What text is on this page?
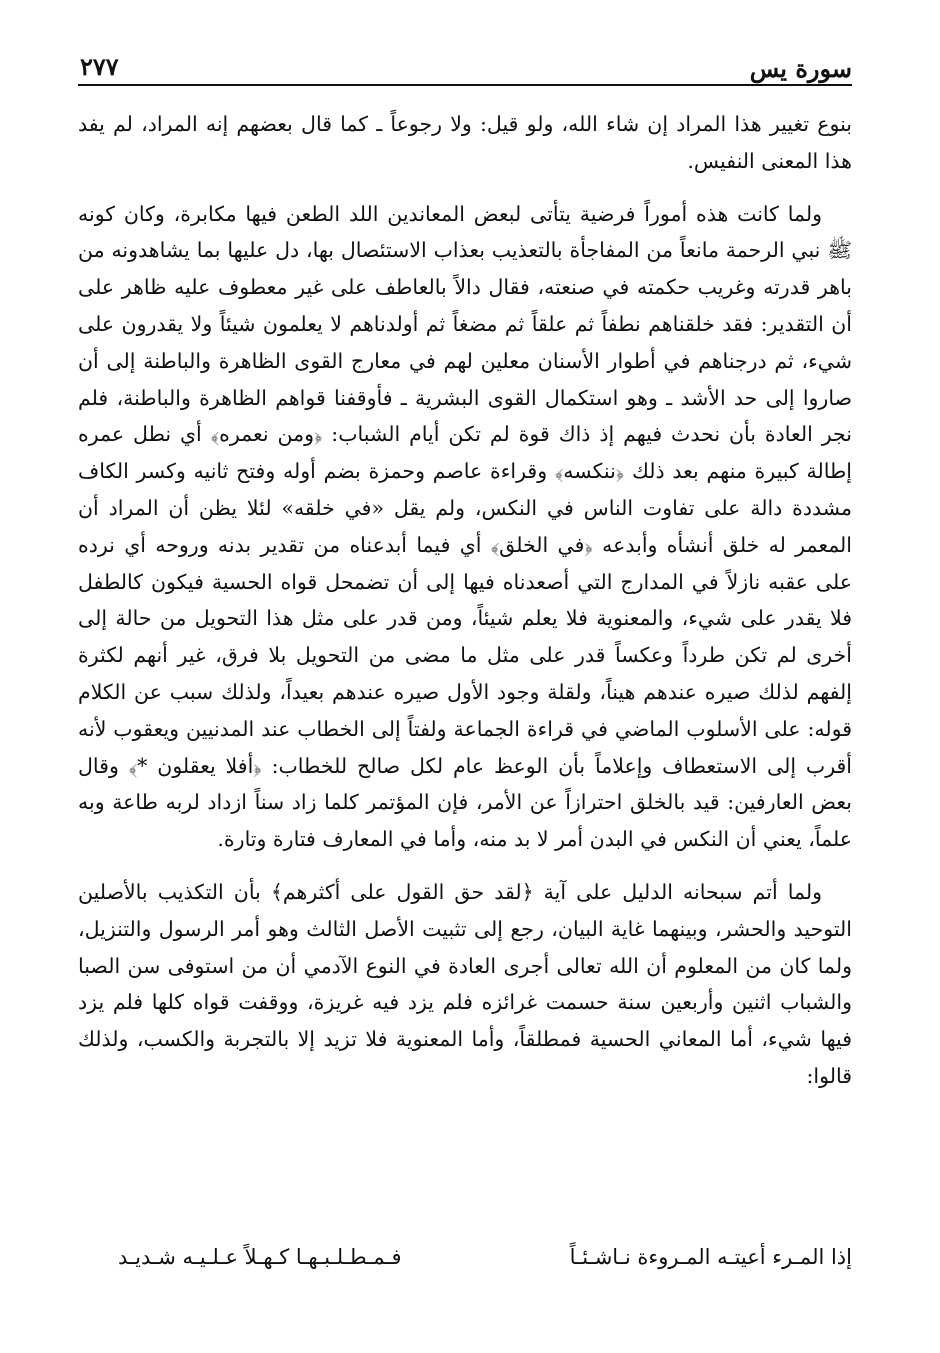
سورة يس
٢٧٧

بنوع تغيير هذا المراد إن شاء الله، ولو قيل: ولا رجوعاً ـ كما قال بعضهم إنه المراد، لم يفد هذا المعنى النفيس.

ولما كانت هذه أموراً فرضية يتأتى لبعض المعاندين اللد الطعن فيها مكابرة، وكان كونه ﷺ نبي الرحمة مانعاً من المفاجأة بالتعذيب بعذاب الاستئصال بها، دل عليها بما يشاهدونه من باهر قدرته وغريب حكمته في صنعته، فقال دالاً بالعاطف على غير معطوف عليه ظاهر على أن التقدير: فقد خلقناهم نطفاً ثم علقاً ثم مضغاً ثم أولدناهم لا يعلمون شيئاً ولا يقدرون على شيء، ثم درجناهم في أطوار الأسنان معلين لهم في معارج القوى الظاهرة والباطنة إلى أن صاروا إلى حد الأشد ـ وهو استكمال القوى البشرية ـ فأوقفنا قواهم الظاهرة والباطنة، فلم نجر العادة بأن نحدث فيهم إذ ذاك قوة لم تكن أيام الشباب: ﴿ومن نعمره﴾ أي نطل عمره إطالة كبيرة منهم بعد ذلك ﴿ننكسه﴾ وقراءة عاصم وحمزة بضم أوله وفتح ثانيه وكسر الكاف مشددة دالة على تفاوت الناس في النكس، ولم يقل «في خلقه» لئلا يظن أن المراد أن المعمر له خلق أنشأه وأبدعه ﴿في الخلق﴾ أي فيما أبدعناه من تقدير بدنه وروحه أي نرده على عقبه نازلاً في المدارج التي أصعدناه فيها إلى أن تضمحل قواه الحسية فيكون كالطفل فلا يقدر على شيء، والمعنوية فلا يعلم شيئاً، ومن قدر على مثل هذا التحويل من حالة إلى أخرى لم تكن طرداً وعكساً قدر على مثل ما مضى من التحويل بلا فرق، غير أنهم لكثرة إلفهم لذلك صيره عندهم هيناً، ولقلة وجود الأول صيره عندهم بعيداً، ولذلك سبب عن الكلام قوله: على الأسلوب الماضي في قراءة الجماعة ولفتاً إلى الخطاب عند المدنيين ويعقوب لأنه أقرب إلى الاستعطاف وإعلاماً بأن الوعظ عام لكل صالح للخطاب: ﴿أفلا يعقلون *﴾ وقال بعض العارفين: قيد بالخلق احترازاً عن الأمر، فإن المؤتمر كلما زاد سناً ازداد لربه طاعة وبه علماً، يعني أن النكس في البدن أمر لا بد منه، وأما في المعارف فتارة وتارة.

ولما أتم سبحانه الدليل على آية ﴿لقد حق القول على أكثرهم﴾ بأن التكذيب بالأصلين التوحيد والحشر، وبينهما غاية البيان، رجع إلى تثبيت الأصل الثالث وهو أمر الرسول والتنزيل، ولما كان من المعلوم أن الله تعالى أجرى العادة في النوع الآدمي أن من استوفى سن الصبا والشباب اثنين وأربعين سنة حسمت غرائزه فلم يزد فيه غريزة، ووقفت قواه كلها فلم يزد فيها شيء، أما المعاني الحسية فمطلقاً، وأما المعنوية فلا تزيد إلا بالتجربة والكسب، ولذلك قالوا:

إذا المـرء أعيتـه المـروءة نـاشـئـاً
فـمـطـلـبـهـا كـهـلاً عـلـيـه شـديـد
